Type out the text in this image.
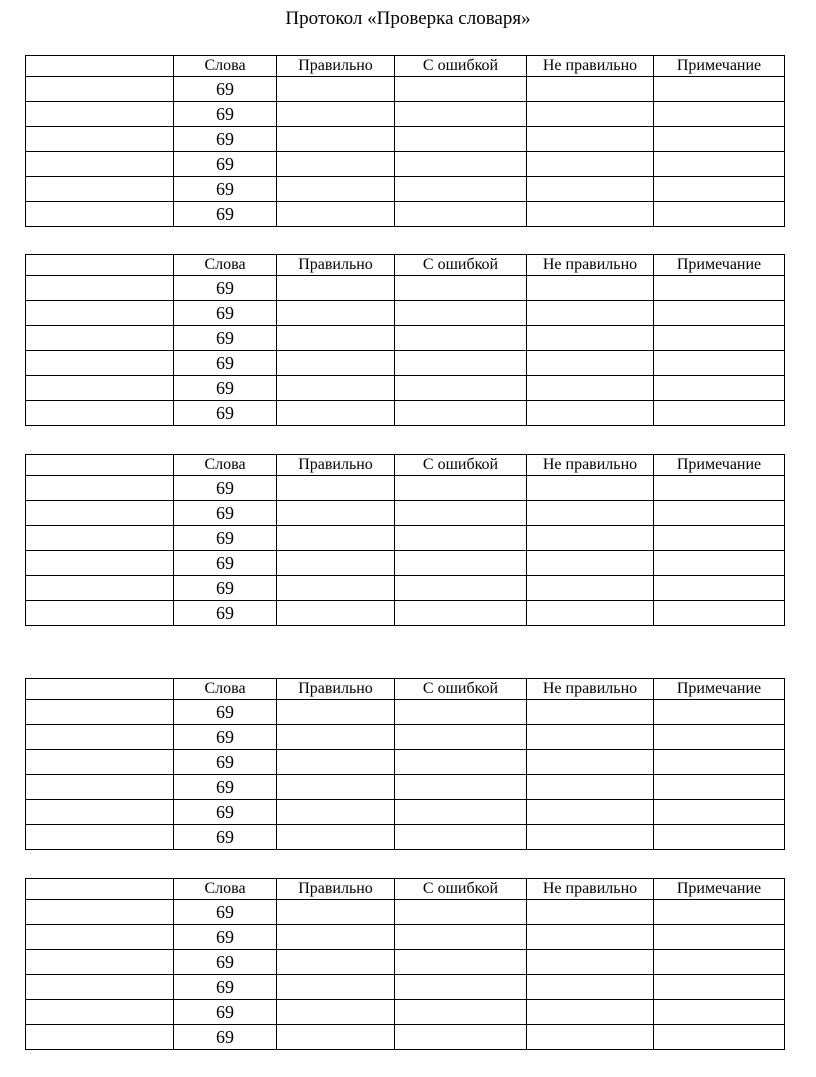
Протокол «Проверка словаря»
	Слова	Правильно	С ошибкой	Не правильно	Примечание
	69				
	69				
	69				
	69				
	69				
	69				
	Слова	Правильно	С ошибкой	Не правильно	Примечание
	69				
	69				
	69				
	69				
	69				
	69				
	Слова	Правильно	С ошибкой	Не правильно	Примечание
	69				
	69				
	69				
	69				
	69				
	69				
	Слова	Правильно	С ошибкой	Не правильно	Примечание
	69				
	69				
	69				
	69				
	69				
	69				
	Слова	Правильно	С ошибкой	Не правильно	Примечание
	69				
	69				
	69				
	69				
	69				
	69				
